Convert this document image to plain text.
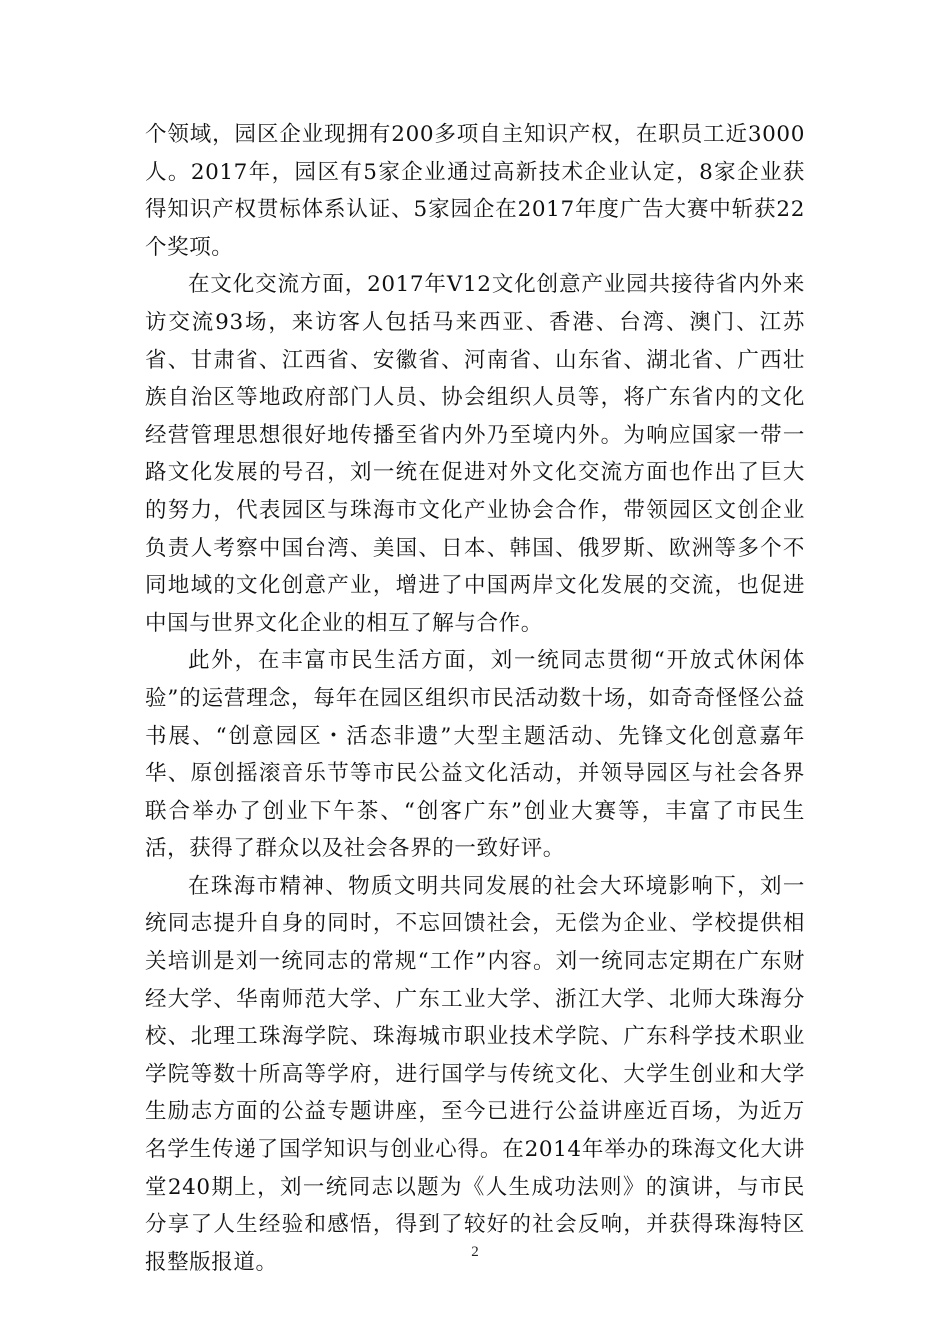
个领域，园区企业现拥有200多项自主知识产权，在职员工近3000人。2017年，园区有5家企业通过高新技术企业认定，8家企业获得知识产权贯标体系认证、5家园企在2017年度广告大赛中斩获22个奖项。

在文化交流方面，2017年V12文化创意产业园共接待省内外来访交流93场，来访客人包括马来西亚、香港、台湾、澳门、江苏省、甘肃省、江西省、安徽省、河南省、山东省、湖北省、广西壮族自治区等地政府部门人员、协会组织人员等，将广东省内的文化经营管理思想很好地传播至省内外乃至境内外。为响应国家一带一路文化发展的号召，刘一统在促进对外文化交流方面也作出了巨大的努力，代表园区与珠海市文化产业协会合作，带领园区文创企业负责人考察中国台湾、美国、日本、韩国、俄罗斯、欧洲等多个不同地域的文化创意产业，增进了中国两岸文化发展的交流，也促进中国与世界文化企业的相互了解与合作。

此外，在丰富市民生活方面，刘一统同志贯彻“开放式休闲体验”的运营理念，每年在园区组织市民活动数十场，如奇奇怪怪公益书展、“创意园区・活态非遗”大型主题活动、先锋文化创意嘉年华、原创摇滚音乐节等市民公益文化活动，并领导园区与社会各界联合举办了创业下午茶、“创客广东”创业大赛等，丰富了市民生活，获得了群众以及社会各界的一致好评。

在珠海市精神、物质文明共同发展的社会大环境影响下，刘一统同志提升自身的同时，不忘回馈社会，无偿为企业、学校提供相关培训是刘一统同志的常规“工作”内容。刘一统同志定期在广东财经大学、华南师范大学、广东工业大学、浙江大学、北师大珠海分校、北理工珠海学院、珠海城市职业技术学院、广东科学技术职业学院等数十所高等学府，进行国学与传统文化、大学生创业和大学生励志方面的公益专题讲座，至今已进行公益讲座近百场，为近万名学生传递了国学知识与创业心得。在2014年举办的珠海文化大讲堂240期上，刘一统同志以题为《人生成功法则》的演讲，与市民分享了人生经验和感悟，得到了较好的社会反响，并获得珠海特区报整版报道。	2
